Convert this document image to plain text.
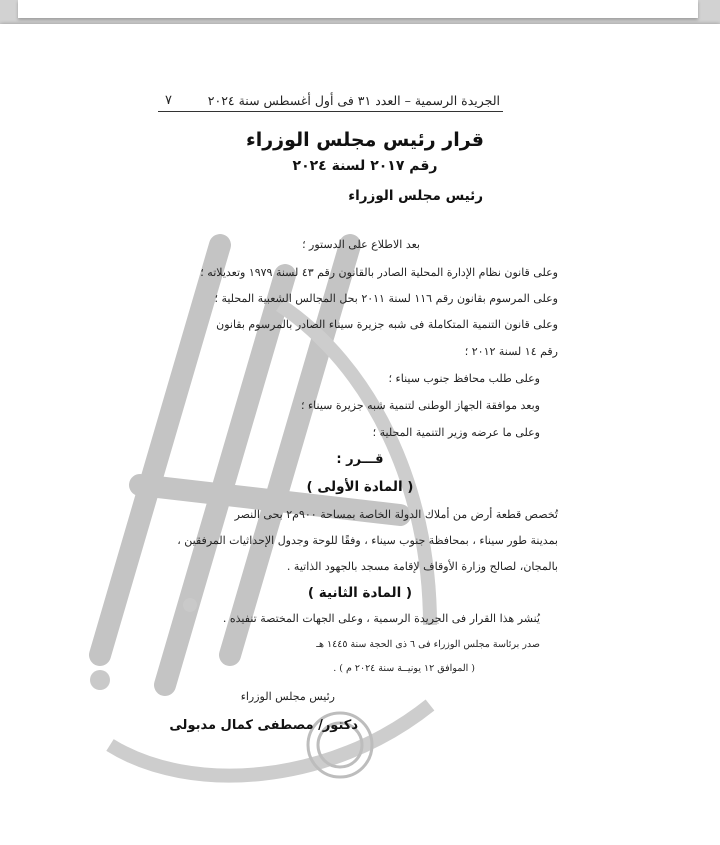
الجريدة الرسمية – العدد ٣١ فى أول أغسطس سنة ٢٠٢٤
٧
قرار رئيس مجلس الوزراء
رقم ٢٠١٧ لسنة ٢٠٢٤
رئيس مجلس الوزراء
بعد الاطلاع على الدستور ؛
وعلى قانون نظام الإدارة المحلية الصادر بالقانون رقم ٤٣ لسنة ١٩٧٩ وتعديلاته ؛
وعلى المرسوم بقانون رقم ١١٦ لسنة ٢٠١١ بحل المجالس الشعبية المحلية ؛
وعلى قانون التنمية المتكاملة فى شبه جزيرة سيناء الصادر بالمرسوم بقانون
رقم ١٤ لسنة ٢٠١٢ ؛
وعلى طلب محافظ جنوب سيناء ؛
وبعد موافقة الجهاز الوطنى لتنمية شبه جزيرة سيناء ؛
وعلى ما عرضه وزير التنمية المحلية ؛
قـــرر :
( المادة الأولى )
تُخصص قطعة أرض من أملاك الدولة الخاصة بمساحة ٩٠٠م٢ بحى النصر
بمدينة طور سيناء ، بمحافظة جنوب سيناء ، وفقًا للوحة وجدول الإحداثيات المرفقين ،
بالمجان، لصالح وزارة الأوقاف لإقامة مسجد بالجهود الذاتية .
( المادة الثانية )
يُنشر هذا القرار فى الجريدة الرسمية ، وعلى الجهات المختصة تنفيذه .
صدر برئاسة مجلس الوزراء فى ٦ ذى الحجة سنة ١٤٤٥ هـ
( الموافق ١٢ يونيــة سنة ٢٠٢٤ م ) .
رئيس مجلس الوزراء
دكتور/ مصطفى كمال مدبولى
